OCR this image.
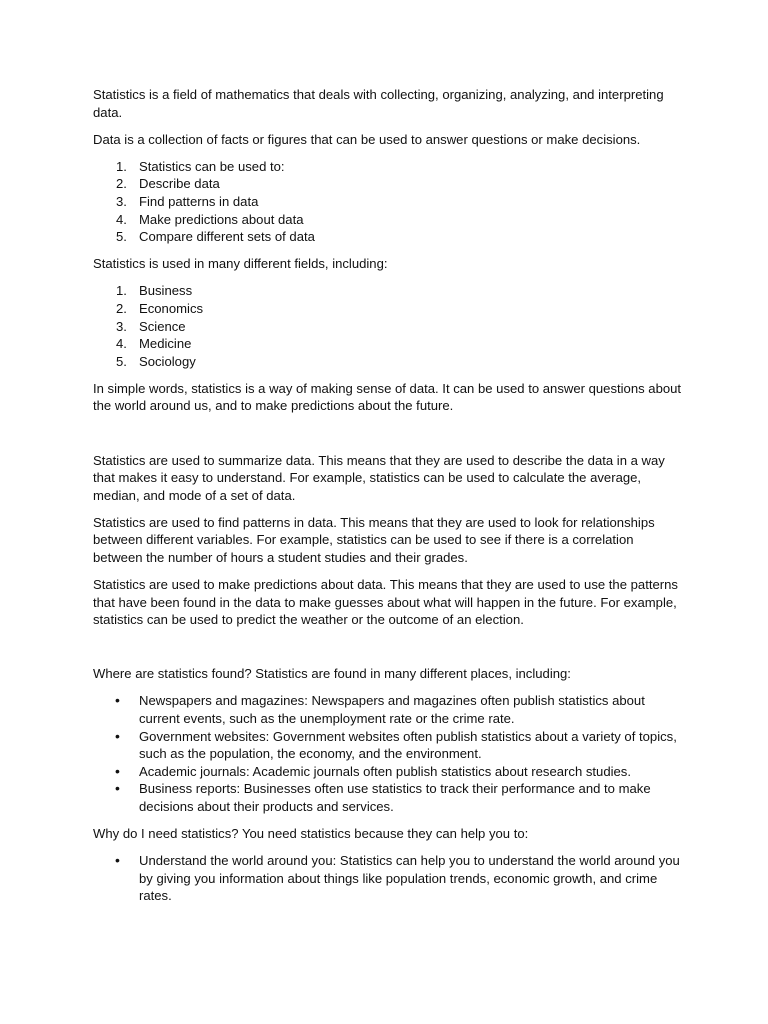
Statistics is a field of mathematics that deals with collecting, organizing, analyzing, and interpreting data.

Data is a collection of facts or figures that can be used to answer questions or make decisions.

1. Statistics can be used to:
2. Describe data
3. Find patterns in data
4. Make predictions about data
5. Compare different sets of data

Statistics is used in many different fields, including:

1. Business
2. Economics
3. Science
4. Medicine
5. Sociology

In simple words, statistics is a way of making sense of data. It can be used to answer questions about the world around us, and to make predictions about the future.

Statistics are used to summarize data. This means that they are used to describe the data in a way that makes it easy to understand. For example, statistics can be used to calculate the average, median, and mode of a set of data.

Statistics are used to find patterns in data. This means that they are used to look for relationships between different variables. For example, statistics can be used to see if there is a correlation between the number of hours a student studies and their grades.

Statistics are used to make predictions about data. This means that they are used to use the patterns that have been found in the data to make guesses about what will happen in the future. For example, statistics can be used to predict the weather or the outcome of an election.

Where are statistics found? Statistics are found in many different places, including:

• Newspapers and magazines: Newspapers and magazines often publish statistics about current events, such as the unemployment rate or the crime rate.
• Government websites: Government websites often publish statistics about a variety of topics, such as the population, the economy, and the environment.
• Academic journals: Academic journals often publish statistics about research studies.
• Business reports: Businesses often use statistics to track their performance and to make decisions about their products and services.

Why do I need statistics? You need statistics because they can help you to:

• Understand the world around you: Statistics can help you to understand the world around you by giving you information about things like population trends, economic growth, and crime rates.
